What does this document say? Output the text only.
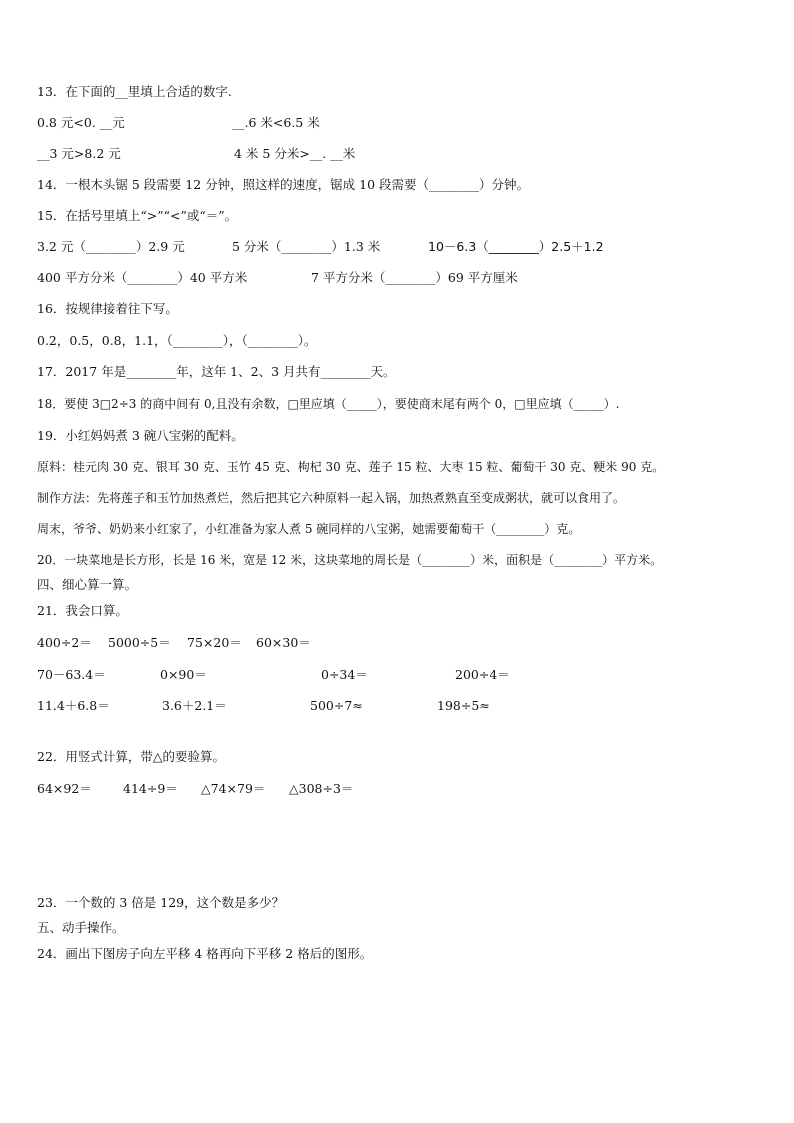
13．在下面的__里填上合适的数字.
0.8 元<0. __元	__.6 米<6.5 米
__3 元>8.2 元	4 米 5 分米>__. __米
14．一根木头锯 5 段需要 12 分钟，照这样的速度，锯成 10 段需要（________）分钟。
15．在括号里填上“>”“<”或“＝”。
3.2 元（________）2.9 元	5 分米（________）1.3 米	10－6.3（________）2.5＋1.2
400 平方分米（________）40 平方米	7 平方分米（________）69 平方厘米
16．按规律接着往下写。
0.2，0.5，0.8，1.1，（________），（________）。
17．2017 年是________年，这年 1、2、3 月共有________天。
18．要使 3□2÷3 的商中间有 0,且没有余数，□里应填（_____），要使商末尾有两个 0，□里应填（_____）.
19．小红妈妈煮 3 碗八宝粥的配料。
原料：桂元肉 30 克、银耳 30 克、玉竹 45 克、枸杞 30 克、莲子 15 粒、大枣 15 粒、葡萄干 30 克、粳米 90 克。
制作方法：先将莲子和玉竹加热煮烂，然后把其它六种原料一起入锅，加热煮熟直至变成粥状，就可以食用了。
周末，爷爷、奶奶来小红家了，小红准备为家人煮 5 碗同样的八宝粥，她需要葡萄干（________）克。
20．一块菜地是长方形，长是 16 米，宽是 12 米，这块菜地的周长是（________）米，面积是（________）平方米。
四、细心算一算。
21．我会口算。
400÷2＝ 5000÷5＝ 75×20＝ 60×30＝
70－63.4＝	0×90＝	0÷34＝	200÷4＝
11.4＋6.8＝	3.6＋2.1＝	500÷7≈	198÷5≈
22．用竖式计算，带△的要验算。
64×92＝ 414÷9＝ △74×79＝ △308÷3＝
23．一个数的 3 倍是 129，这个数是多少？
五、动手操作。
24．画出下图房子向左平移 4 格再向下平移 2 格后的图形。
